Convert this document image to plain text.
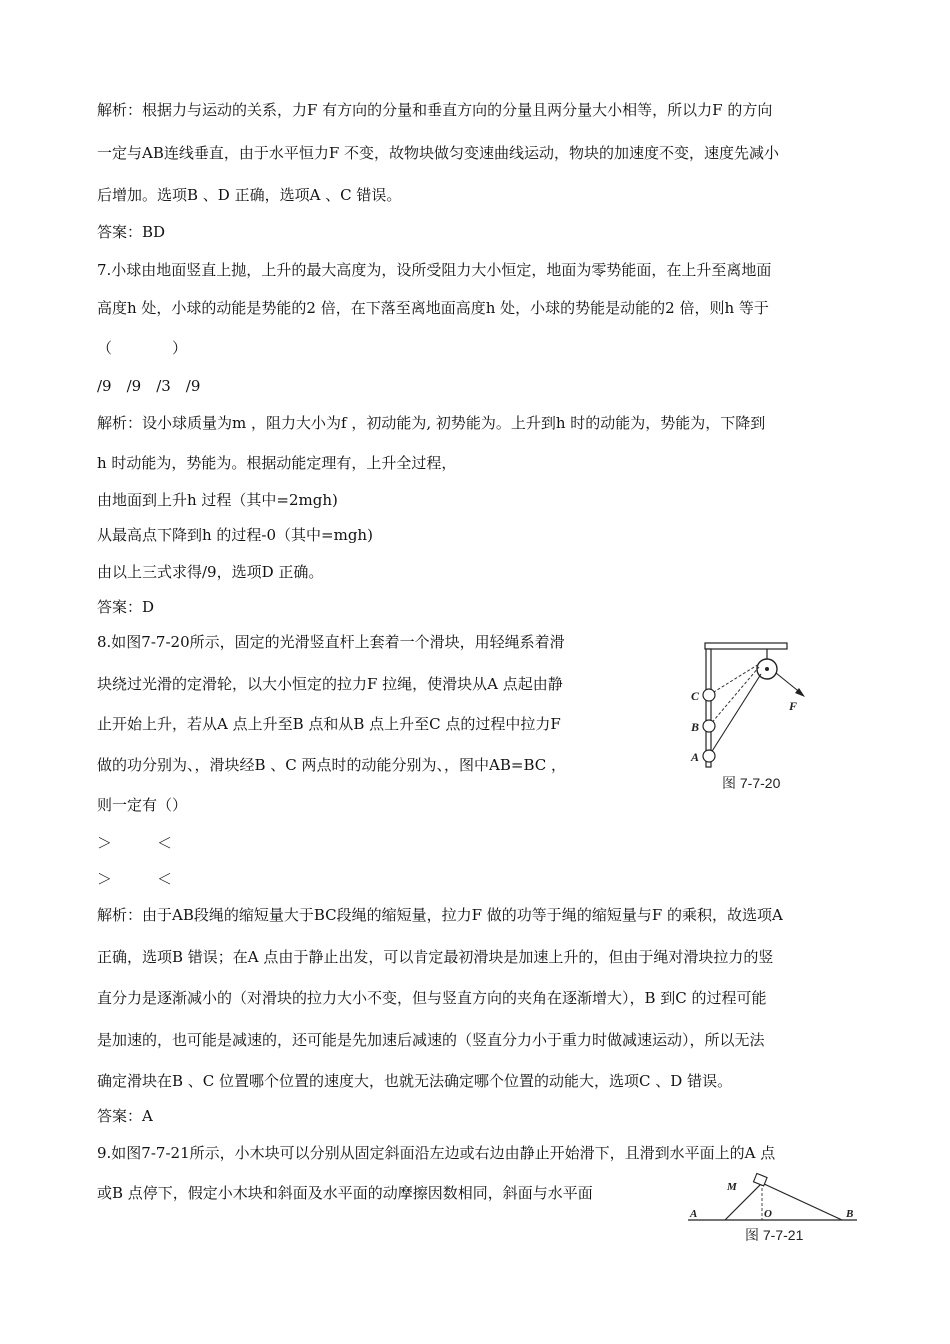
解析：根据力与运动的关系，力F 有方向的分量和垂直方向的分量且两分量大小相等，所以力F 的方向
一定与AB连线垂直，由于水平恒力F 不变，故物块做匀变速曲线运动，物块的加速度不变，速度先减小
后增加。选项B 、D 正确，选项A 、C 错误。
答案：BD
7.小球由地面竖直上抛，上升的最大高度为，设所受阻力大小恒定，地面为零势能面，在上升至离地面
高度h 处，小球的动能是势能的2 倍，在下落至离地面高度h 处，小球的势能是动能的2 倍，则h 等于
（　　　　）
/9　/9　/3　/9
解析：设小球质量为m ，阻力大小为f ，初动能为, 初势能为。上升到h 时的动能为，势能为，下降到
h 时动能为，势能为。根据动能定理有，上升全过程，
由地面到上升h 过程（其中=2mgh)
从最高点下降到h 的过程-0（其中=mgh)
由以上三式求得/9，选项D 正确。
答案：D
8.如图7-7-20所示，固定的光滑竖直杆上套着一个滑块，用轻绳系着滑
块绕过光滑的定滑轮，以大小恒定的拉力F 拉绳，使滑块从A 点起由静
止开始上升，若从A 点上升至B 点和从B 点上升至C 点的过程中拉力F
做的功分别为、，滑块经B 、C 两点时的动能分别为、，图中AB=BC ，
则一定有（）
＞　　　＜
＞　　　＜
解析：由于AB段绳的缩短量大于BC段绳的缩短量，拉力F 做的功等于绳的缩短量与F 的乘积，故选项A
正确，选项B 错误；在A 点由于静止出发，可以肯定最初滑块是加速上升的，但由于绳对滑块拉力的竖
直分力是逐渐减小的（对滑块的拉力大小不变，但与竖直方向的夹角在逐渐增大），B 到C 的过程可能
是加速的，也可能是减速的，还可能是先加速后减速的（竖直分力小于重力时做减速运动），所以无法
确定滑块在B 、C 位置哪个位置的速度大，也就无法确定哪个位置的动能大，选项C 、D 错误。
答案：A
C
B
A
F
图 7-7-20
9.如图7-7-21所示，小木块可以分别从固定斜面沿左边或右边由静止开始滑下，且滑到水平面上的A 点
或B 点停下，假定小木块和斜面及水平面的动摩擦因数相同，斜面与水平面	M
A	O	B
图 7-7-21
